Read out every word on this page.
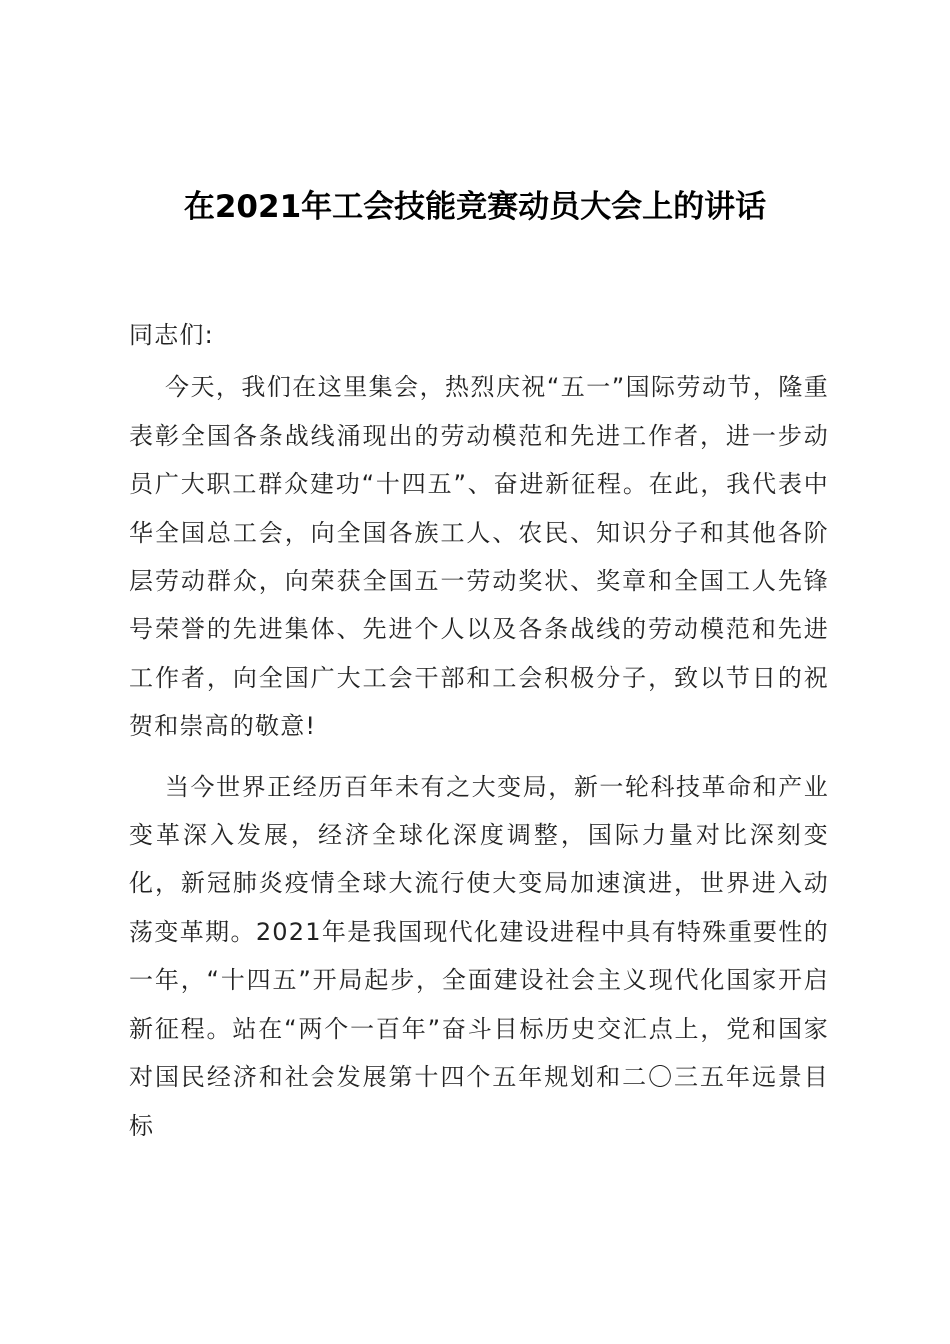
在2021年工会技能竞赛动员大会上的讲话

同志们:

今天，我们在这里集会，热烈庆祝“五一”国际劳动节，隆重表彰全国各条战线涌现出的劳动模范和先进工作者，进一步动员广大职工群众建功“十四五”、奋进新征程。在此，我代表中华全国总工会，向全国各族工人、农民、知识分子和其他各阶层劳动群众，向荣获全国五一劳动奖状、奖章和全国工人先锋号荣誉的先进集体、先进个人以及各条战线的劳动模范和先进工作者，向全国广大工会干部和工会积极分子，致以节日的祝贺和崇高的敬意!

当今世界正经历百年未有之大变局，新一轮科技革命和产业变革深入发展，经济全球化深度调整，国际力量对比深刻变化，新冠肺炎疫情全球大流行使大变局加速演进，世界进入动荡变革期。2021年是我国现代化建设进程中具有特殊重要性的一年，“十四五”开局起步，全面建设社会主义现代化国家开启新征程。站在“两个一百年”奋斗目标历史交汇点上，党和国家对国民经济和社会发展第十四个五年规划和二〇三五年远景目标
